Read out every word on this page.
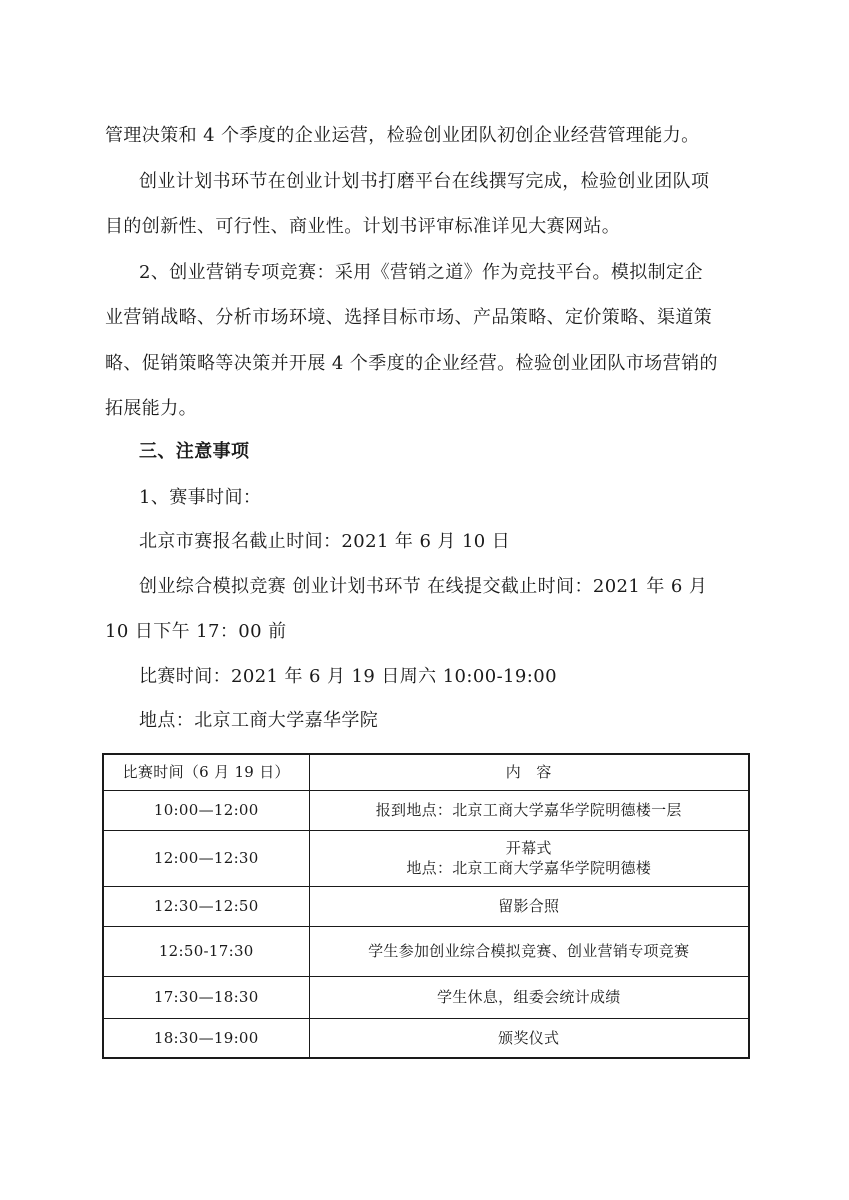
管理决策和 4 个季度的企业运营，检验创业团队初创企业经营管理能力。
创业计划书环节在创业计划书打磨平台在线撰写完成，检验创业团队项
目的创新性、可行性、商业性。计划书评审标准详见大赛网站。
2、创业营销专项竞赛：采用《营销之道》作为竞技平台。模拟制定企
业营销战略、分析市场环境、选择目标市场、产品策略、定价策略、渠道策
略、促销策略等决策并开展 4 个季度的企业经营。检验创业团队市场营销的
拓展能力。
三、注意事项
1、赛事时间：
北京市赛报名截止时间：2021 年 6 月 10 日
创业综合模拟竞赛 创业计划书环节 在线提交截止时间：2021 年 6 月
10 日下午 17：00 前
比赛时间：2021 年 6 月 19 日周六 10:00-19:00
地点：北京工商大学嘉华学院
比赛时间（6 月 19 日）	内　容
10:00—12:00	报到地点：北京工商大学嘉华学院明德楼一层

12:00—12:30	开幕式
地点：北京工商大学嘉华学院明德楼

12:30—12:50	留影合照

12:50-17:30	学生参加创业综合模拟竞赛、创业营销专项竞赛

17:30—18:30	学生休息，组委会统计成绩

18:30—19:00	颁奖仪式
